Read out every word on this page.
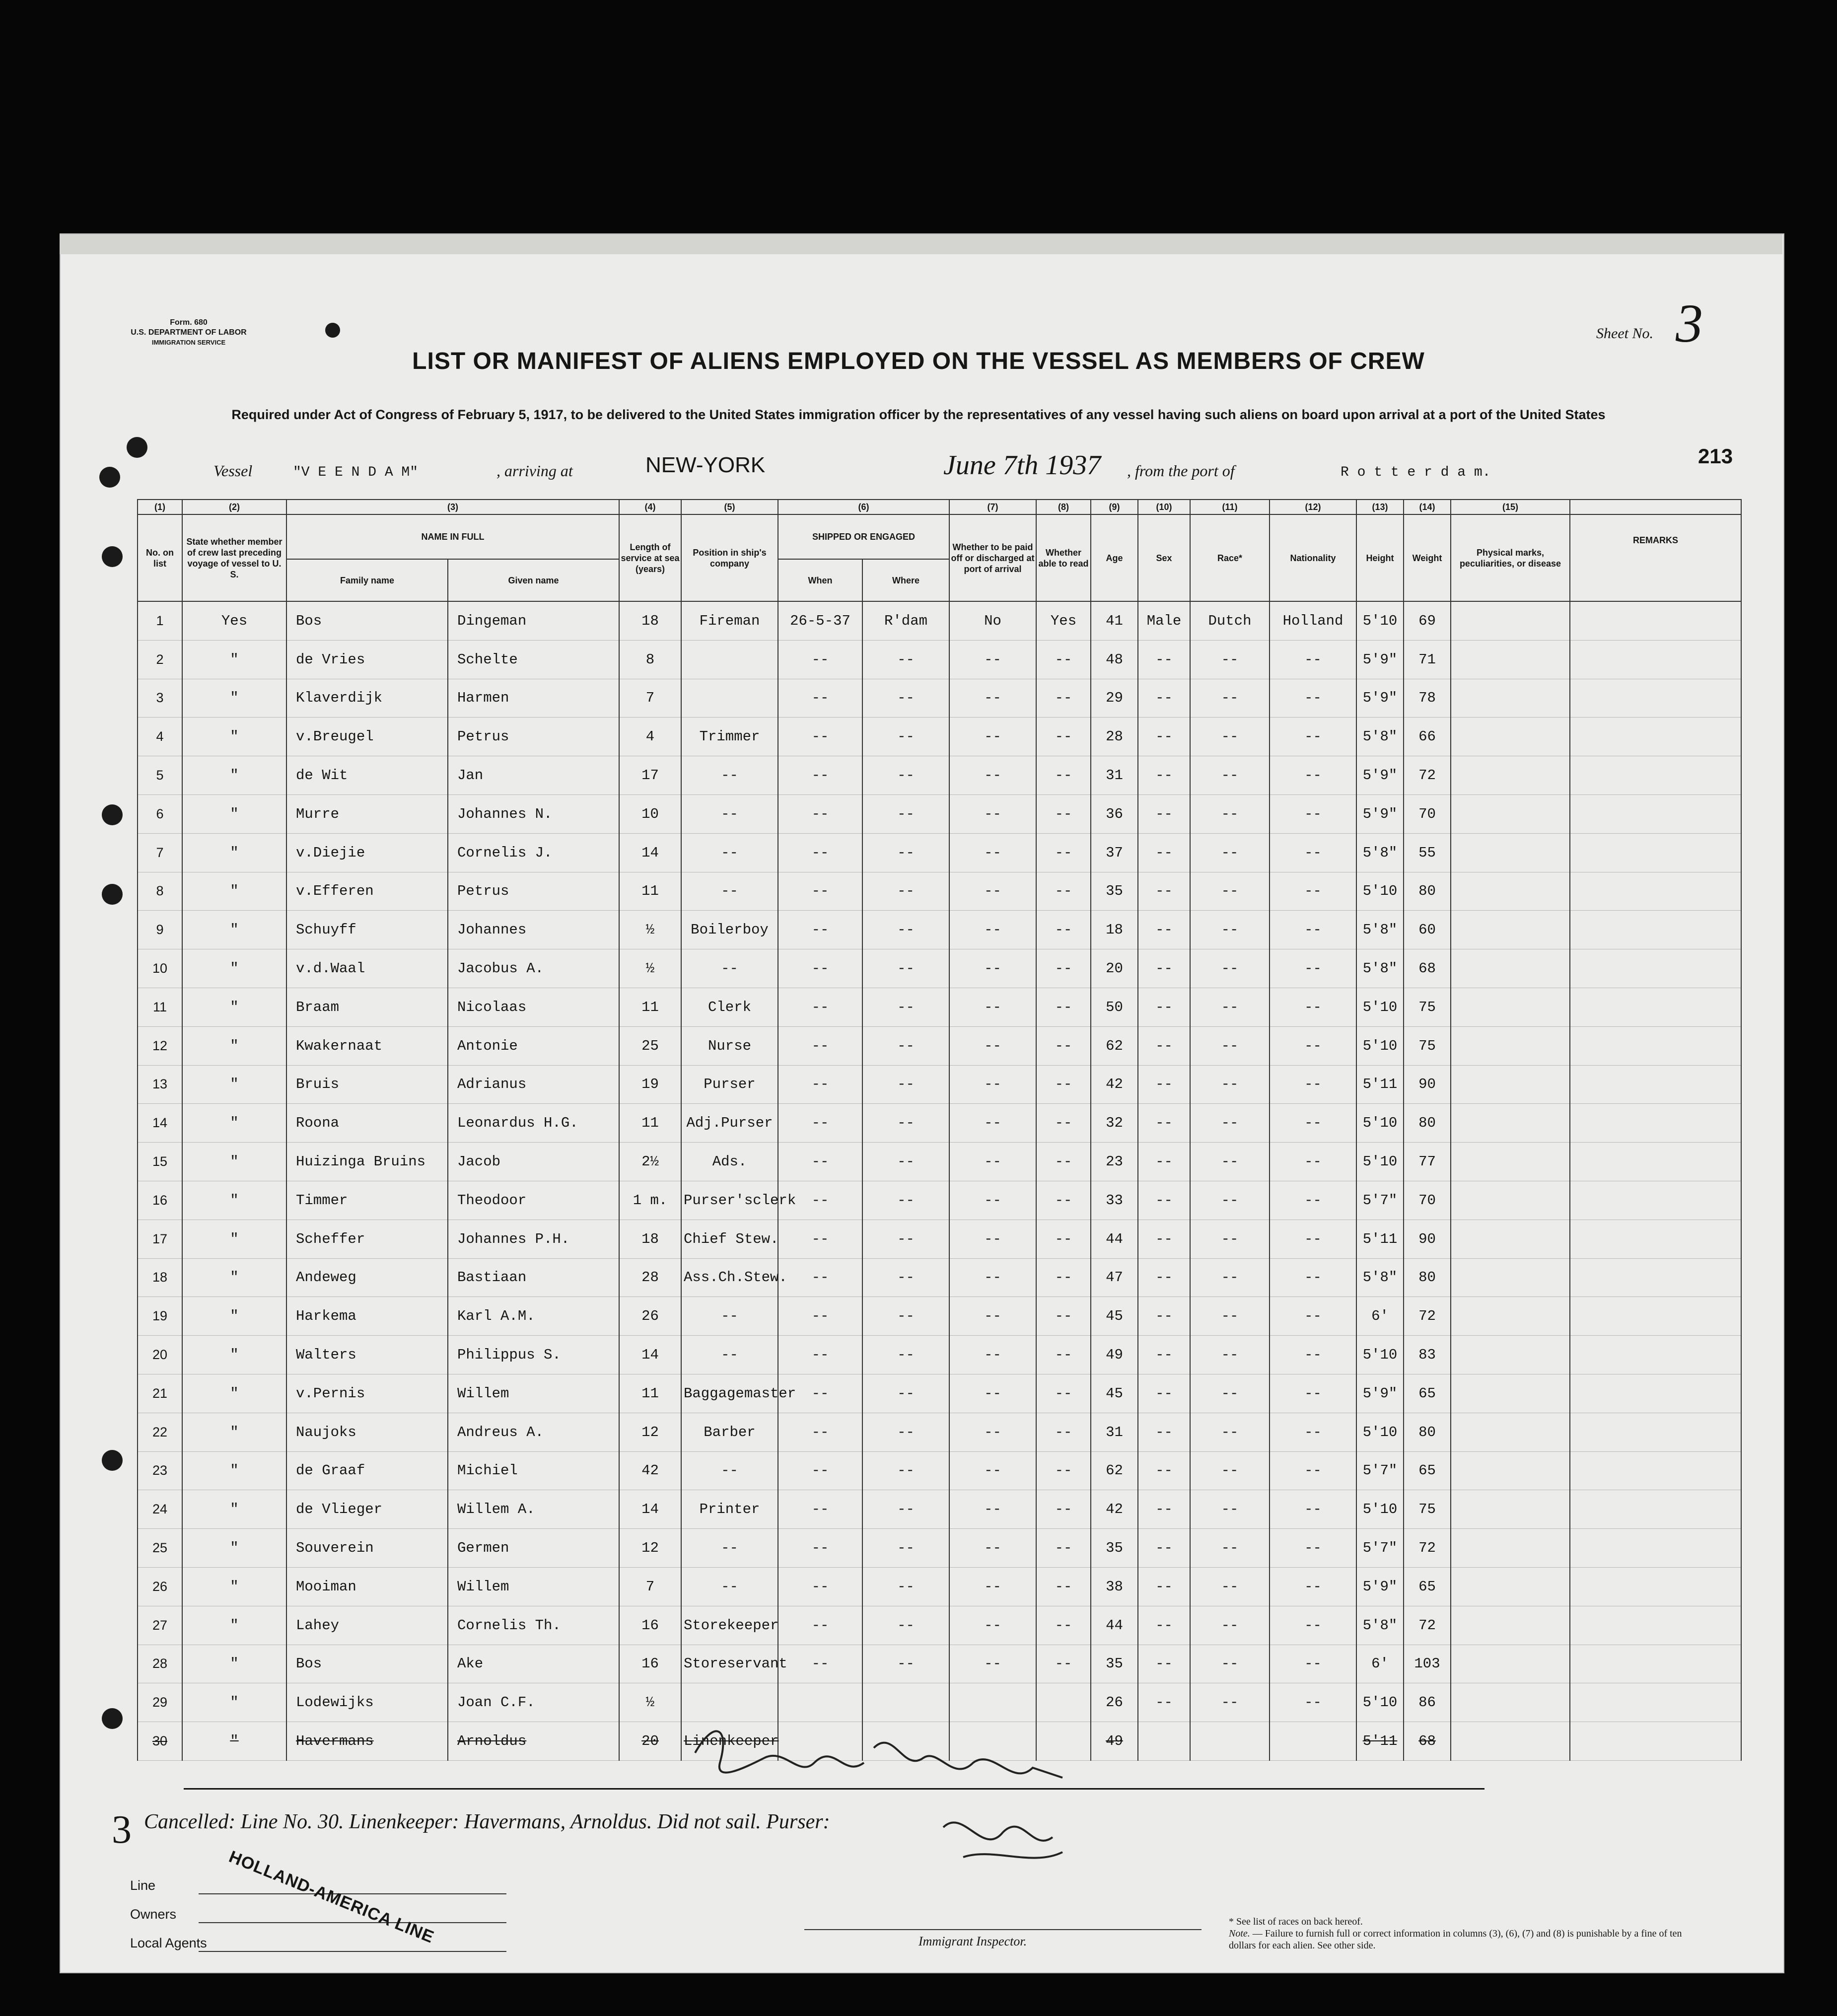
Form. 680
U.S. DEPARTMENT OF LABOR
IMMIGRATION SERVICE
Sheet No. 3
LIST OR MANIFEST OF ALIENS EMPLOYED ON THE VESSEL AS MEMBERS OF CREW
Required under Act of Congress of February 5, 1917, to be delivered to the United States immigration officer by the representatives of any vessel having such aliens on board upon arrival at a port of the United States
213
Vessel	"V E E N D A M"	, arriving at	NEW-YORK	June 7th 1937 , from the port of	R o t t e r d a m.
(1)	(2)	(3)		(4)	(5)	(6)		(7)	(8)	(9)	(10)	(11)	(12)	(13)	(14)	(15)	
No. on list	State whether member of crew last preceding voyage of vessel to U. S.	NAME IN FULL		Length of service at sea (years)	Position in ship's company	SHIPPED OR ENGAGED		Whether to be paid off or discharged at port of arrival	Whether able to read	Age	Sex	Race*	Nationality	Height	Weight	Physical marks, peculiarities, or disease	REMARKS
		Family name	Given name			When	Where										
1	Yes	Bos	Dingeman	18	Fireman	26-5-37	R'dam	No	Yes	41	Male	Dutch	Holland	5'10	69		
2	"	de Vries	Schelte	8		--	--	--	--	48	--	--	--	5'9"	71		
3	"	Klaverdijk	Harmen	7		--	--	--	--	29	--	--	--	5'9"	78		
4	"	v.Breugel	Petrus	4	Trimmer	--	--	--	--	28	--	--	--	5'8"	66		
5	"	de Wit	Jan	17	--	--	--	--	--	31	--	--	--	5'9"	72		
6	"	Murre	Johannes N.	10	--	--	--	--	--	36	--	--	--	5'9"	70		
7	"	v.Diejie	Cornelis J.	14	--	--	--	--	--	37	--	--	--	5'8"	55		
8	"	v.Efferen	Petrus	11	--	--	--	--	--	35	--	--	--	5'10	80		
9	"	Schuyff	Johannes	½	Boilerboy	--	--	--	--	18	--	--	--	5'8"	60		
10	"	v.d.Waal	Jacobus A.	½	--	--	--	--	--	20	--	--	--	5'8"	68		
11	"	Braam	Nicolaas	11	Clerk	--	--	--	--	50	--	--	--	5'10	75		
12	"	Kwakernaat	Antonie	25	Nurse	--	--	--	--	62	--	--	--	5'10	75		
13	"	Bruis	Adrianus	19	Purser	--	--	--	--	42	--	--	--	5'11	90		
14	"	Roona	Leonardus H.G.	11	Adj.Purser	--	--	--	--	32	--	--	--	5'10	80		
15	"	Huizinga Bruins	Jacob	2½	Ads.	--	--	--	--	23	--	--	--	5'10	77		
16	"	Timmer	Theodoor	1 m.	Purser'sclerk	--	--	--	--	33	--	--	--	5'7"	70		
17	"	Scheffer	Johannes P.H.	18	Chief Stew.	--	--	--	--	44	--	--	--	5'11	90		
18	"	Andeweg	Bastiaan	28	Ass.Ch.Stew.	--	--	--	--	47	--	--	--	5'8"	80		
19	"	Harkema	Karl A.M.	26	--	--	--	--	--	45	--	--	--	6'	72		
20	"	Walters	Philippus S.	14	--	--	--	--	--	49	--	--	--	5'10	83		
21	"	v.Pernis	Willem	11	Baggagemaster	--	--	--	--	45	--	--	--	5'9"	65		
22	"	Naujoks	Andreus A.	12	Barber	--	--	--	--	31	--	--	--	5'10	80		
23	"	de Graaf	Michiel	42	--	--	--	--	--	62	--	--	--	5'7"	65		
24	"	de Vlieger	Willem A.	14	Printer	--	--	--	--	42	--	--	--	5'10	75		
25	"	Souverein	Germen	12	--	--	--	--	--	35	--	--	--	5'7"	72		
26	"	Mooiman	Willem	7	--	--	--	--	--	38	--	--	--	5'9"	65		
27	"	Lahey	Cornelis Th.	16	Storekeeper	--	--	--	--	44	--	--	--	5'8"	72		
28	"	Bos	Ake	16	Storeservant	--	--	--	--	35	--	--	--	6'	103		
29	"	Lodewijks	Joan C.F.	½						26	--	--	--	5'10	86		
30	"	Havermans	Arnoldus	20	Linenkeeper					49				5'11	68		
3 Cancelled: Line No. 30. Linenkeeper: Havermans, Arnoldus. Did not sail. Purser:
Line
Owners
Local Agents HOLLAND-AMERICA LINE	Immigrant Inspector.
* See list of races on back hereof.
Note. — Failure to furnish full or correct information in columns (3), (6), (7) and (8) is punishable by a fine of ten dollars for each alien. See other side.
